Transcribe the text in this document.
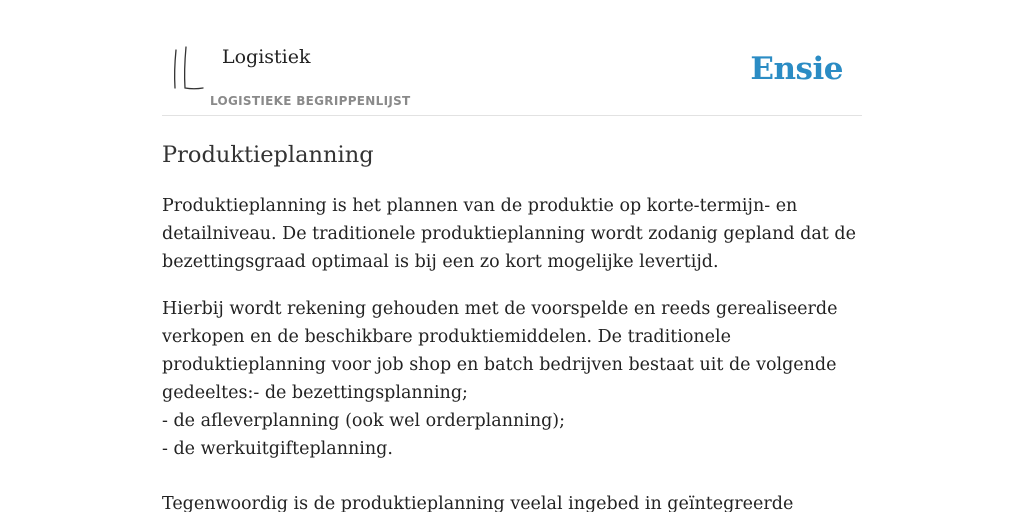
Logistiek
LOGISTIEKE BEGRIPPENLIJST
Ensie
Produktieplanning

Produktieplanning is het plannen van de produktie op korte-termijn- en detailniveau. De traditionele produktieplanning wordt zodanig gepland dat de bezettingsgraad optimaal is bij een zo kort mogelijke levertijd.

Hierbij wordt rekening gehouden met de voorspelde en reeds gerealiseerde verkopen en de beschikbare produktiemiddelen. De traditionele produktieplanning voor job shop en batch bedrijven bestaat uit de volgende gedeeltes:- de bezettingsplanning;
- de afleverplanning (ook wel orderplanning);
- de werkuitgifteplanning.

Tegenwoordig is de produktieplanning veelal ingebed in geïntegreerde
